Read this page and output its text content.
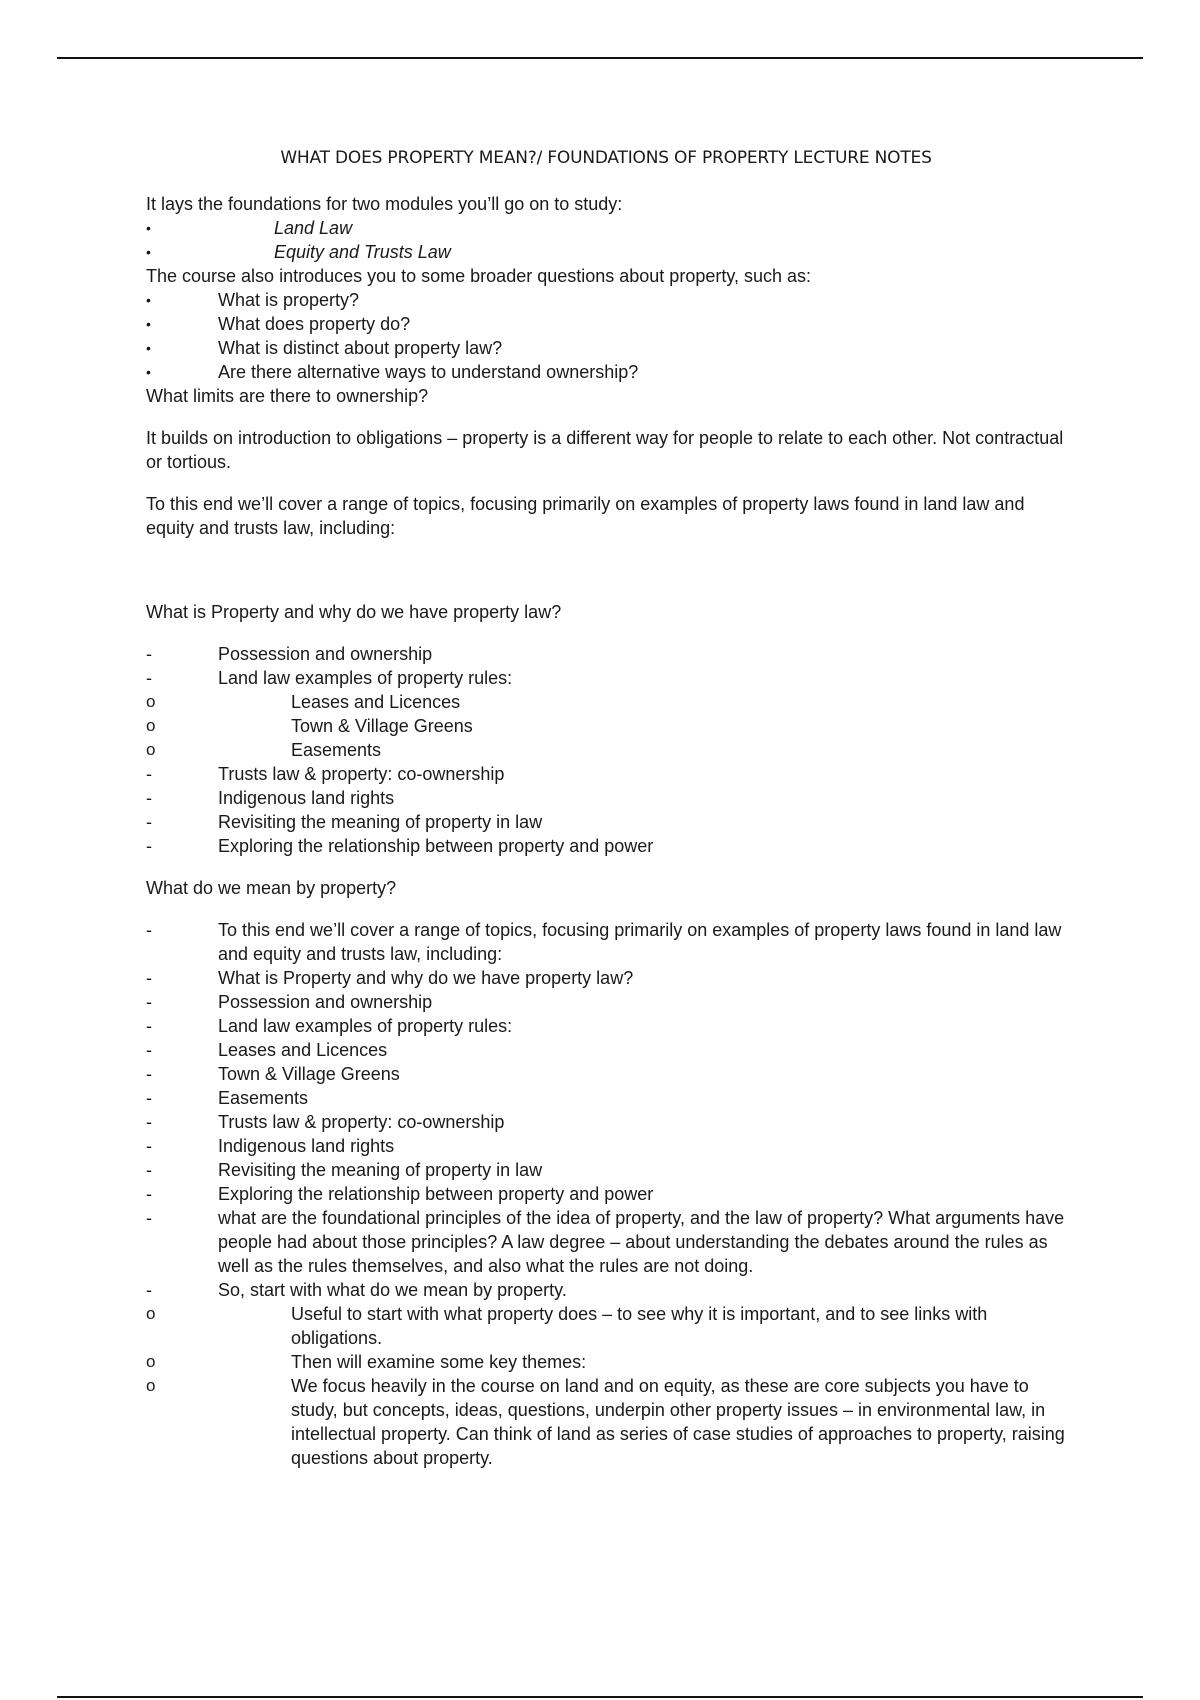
WHAT DOES PROPERTY MEAN?/ FOUNDATIONS OF PROPERTY LECTURE NOTES

It lays the foundations for two modules you’ll go on to study:

•	Land Law
•	Equity and Trusts Law

The course also introduces you to some broader questions about property, such as:

•	What is property?
•	What does property do?
•	What is distinct about property law?
•	Are there alternative ways to understand ownership?

What limits are there to ownership?

It builds on introduction to obligations – property is a different way for people to relate to each other. Not contractual or tortious.

To this end we’ll cover a range of topics, focusing primarily on examples of property laws found in land law and equity and trusts law, including:

What is Property and why do we have property law?

-	Possession and ownership
-	Land law examples of property rules:
o	Leases and Licences
o	Town & Village Greens
o	Easements
-	Trusts law & property: co-ownership
-	Indigenous land rights
-	Revisiting the meaning of property in law
-	Exploring the relationship between property and power

What do we mean by property?

-	To this end we’ll cover a range of topics, focusing primarily on examples of property laws found in land law and equity and trusts law, including:
-	What is Property and why do we have property law?
-	Possession and ownership
-	Land law examples of property rules:
-	Leases and Licences
-	Town & Village Greens
-	Easements
-	Trusts law & property: co-ownership
-	Indigenous land rights
-	Revisiting the meaning of property in law
-	Exploring the relationship between property and power
-	what are the foundational principles of the idea of property, and the law of property? What arguments have people had about those principles? A law degree – about understanding the debates around the rules as well as the rules themselves, and also what the rules are not doing.
-	So, start with what do we mean by property.
o	Useful to start with what property does – to see why it is important, and to see links with obligations.
o	Then will examine some key themes:
o	We focus heavily in the course on land and on equity, as these are core subjects you have to study, but concepts, ideas, questions, underpin other property issues – in environmental law, in intellectual property. Can think of land as series of case studies of approaches to property, raising questions about property.
